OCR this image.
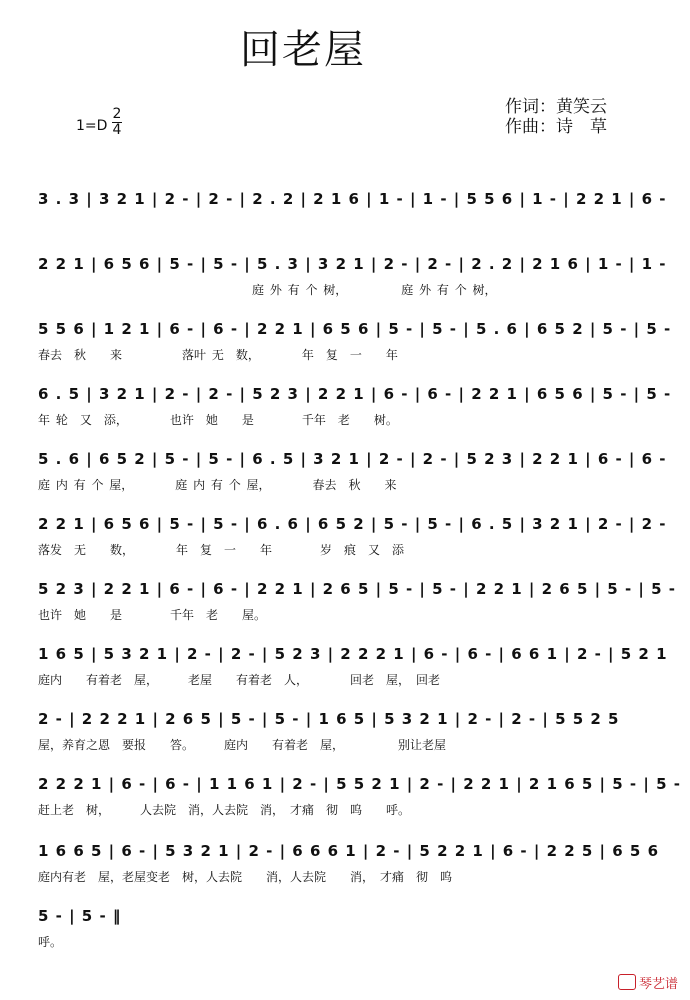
回老屋
作词：黄笑云
作曲：诗　草
1=D
2
4
3 . 3 | 3 2 1 | 2 - | 2 - | 2 . 2 | 2 1 6 | 1 - | 1 - | 5 5 6 | 1 - | 2 2 1 | 6 -
2 2 1 | 6 5 6 | 5 - | 5 - | 5 . 3 | 3 2 1 | 2 - | 2 - | 2 . 2 | 2 1 6 | 1 - | 1 -
庭 外 有 个 树，　　　　　庭 外 有 个 树，
5 5 6 | 1 2 1 | 6 - | 6 - | 2 2 1 | 6 5 6 | 5 - | 5 - | 5 . 6 | 6 5 2 | 5 - | 5 -
春去　秋　　来　　　　　落叶 无　数，　　　　年　复　一　　年
6 . 5 | 3 2 1 | 2 - | 2 - | 5 2 3 | 2 2 1 | 6 - | 6 - | 2 2 1 | 6 5 6 | 5 - | 5 -
年 轮　又　添，　　　　也许　她　　是　　　　千年　老　　树。
5 . 6 | 6 5 2 | 5 - | 5 - | 6 . 5 | 3 2 1 | 2 - | 2 - | 5 2 3 | 2 2 1 | 6 - | 6 -
庭 内 有 个 屋，　　　　庭 内 有 个 屋，　　　　春去　秋　　来
2 2 1 | 6 5 6 | 5 - | 5 - | 6 . 6 | 6 5 2 | 5 - | 5 - | 6 . 5 | 3 2 1 | 2 - | 2 -
落发　无　　数，　　　　年　复　一　　年　　　　岁　痕　又　添
5 2 3 | 2 2 1 | 6 - | 6 - | 2 2 1 | 2 6 5 | 5 - | 5 - | 2 2 1 | 2 6 5 | 5 - | 5 -
也许　她　　是　　　　千年　老　　屋。
1 6 5 | 5 3 2 1 | 2 - | 2 - | 5 2 3 | 2 2 2 1 | 6 - | 6 - | 6 6 1 | 2 - | 5 2 1
庭内　　有着老　屋，　　　老屋　　有着老　人，　　　　回老　屋，　回老
2 - | 2 2 2 1 | 2 6 5 | 5 - | 5 - | 1 6 5 | 5 3 2 1 | 2 - | 2 - | 5 5 2 5
屋，养育之恩　要报　　答。　　　庭内　　有着老　屋，　　　　　别让老屋
2 2 2 1 | 6 - | 6 - | 1 1 6 1 | 2 - | 5 5 2 1 | 2 - | 2 2 1 | 2 1 6 5 | 5 - | 5 -
赶上老　树，　　　人去院　消，人去院　消，　才痛　彻　呜　　呼。
1 6 6 5 | 6 - | 5 3 2 1 | 2 - | 6 6 6 1 | 2 - | 5 2 2 1 | 6 - | 2 2 5 | 6 5 6
庭内有老　屋，老屋变老　树，人去院　　消，人去院　　消，　才痛　彻　呜
5 - | 5 - ‖
呼。
琴艺谱
